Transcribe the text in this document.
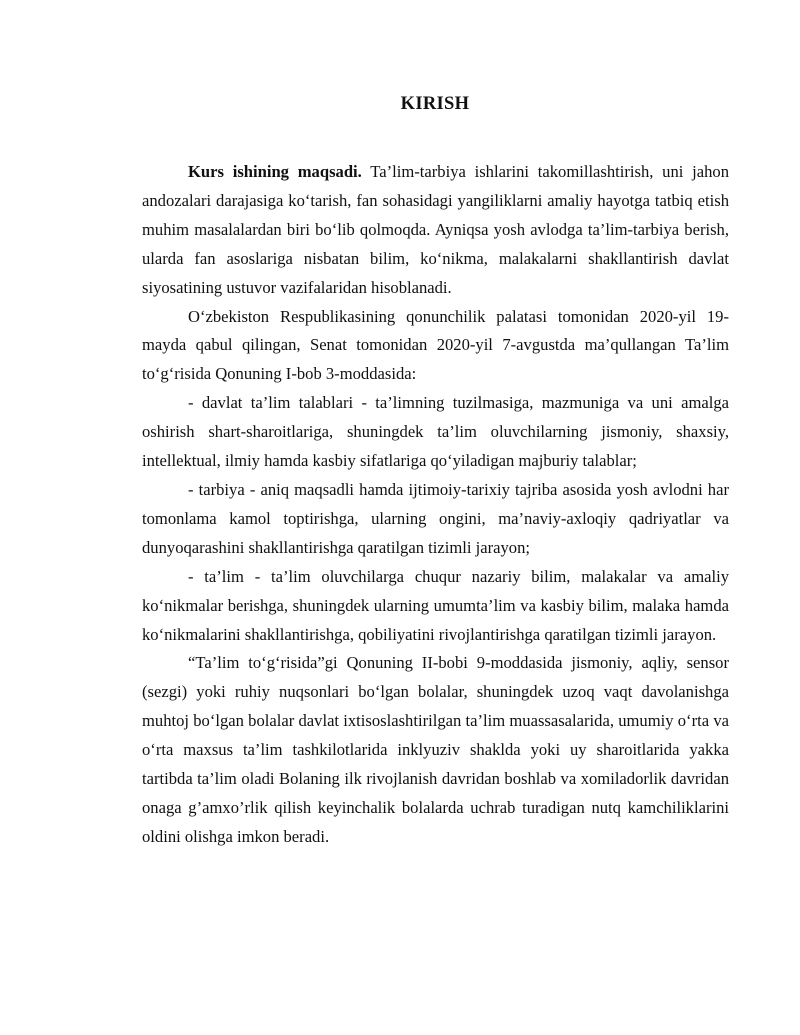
KIRISH

Kurs ishining maqsadi. Ta’lim-tarbiya ishlarini takomillashtirish, uni jahon andozalari darajasiga ko‘tarish, fan sohasidagi yangiliklarni amaliy hayotga tatbiq etish muhim masalalardan biri bo‘lib qolmoqda. Ayniqsa yosh avlodga ta’lim-tarbiya berish, ularda fan asoslariga nisbatan bilim, ko‘nikma, malakalarni shakllantirish davlat siyosatining ustuvor vazifalaridan hisoblanadi.

O‘zbekiston Respublikasining qonunchilik palatasi tomonidan 2020-yil 19-mayda qabul qilingan, Senat tomonidan 2020-yil 7-avgustda ma’qullangan Ta’lim to‘g‘risida Qonuning I-bob 3-moddasida:

- davlat ta’lim talablari - ta’limning tuzilmasiga, mazmuniga va uni amalga oshirish shart-sharoitlariga, shuningdek ta’lim oluvchilarning jismoniy, shaxsiy, intellektual, ilmiy hamda kasbiy sifatlariga qo‘yiladigan majburiy talablar;

- tarbiya - aniq maqsadli hamda ijtimoiy-tarixiy tajriba asosida yosh avlodni har tomonlama kamol toptirishga, ularning ongini, ma’naviy-axloqiy qadriyatlar va dunyoqarashini shakllantirishga qaratilgan tizimli jarayon;

- ta’lim - ta’lim oluvchilarga chuqur nazariy bilim, malakalar va amaliy ko‘nikmalar berishga, shuningdek ularning umumta’lim va kasbiy bilim, malaka hamda ko‘nikmalarini shakllantirishga, qobiliyatini rivojlantirishga qaratilgan tizimli jarayon.

“Ta’lim to‘g‘risida”gi Qonuning II-bobi 9-moddasida jismoniy, aqliy, sensor (sezgi) yoki ruhiy nuqsonlari bo‘lgan bolalar, shuningdek uzoq vaqt davolanishga muhtoj bo‘lgan bolalar davlat ixtisoslashtirilgan ta’lim muassasalarida, umumiy o‘rta va o‘rta maxsus ta’lim tashkilotlarida inklyuziv shaklda yoki uy sharoitlarida yakka tartibda ta’lim oladi Bolaning ilk rivojlanish davridan boshlab va xomiladorlik davridan onaga g’amxo’rlik qilish keyinchalik bolalarda uchrab turadigan nutq kamchiliklarini oldini olishga imkon beradi.
